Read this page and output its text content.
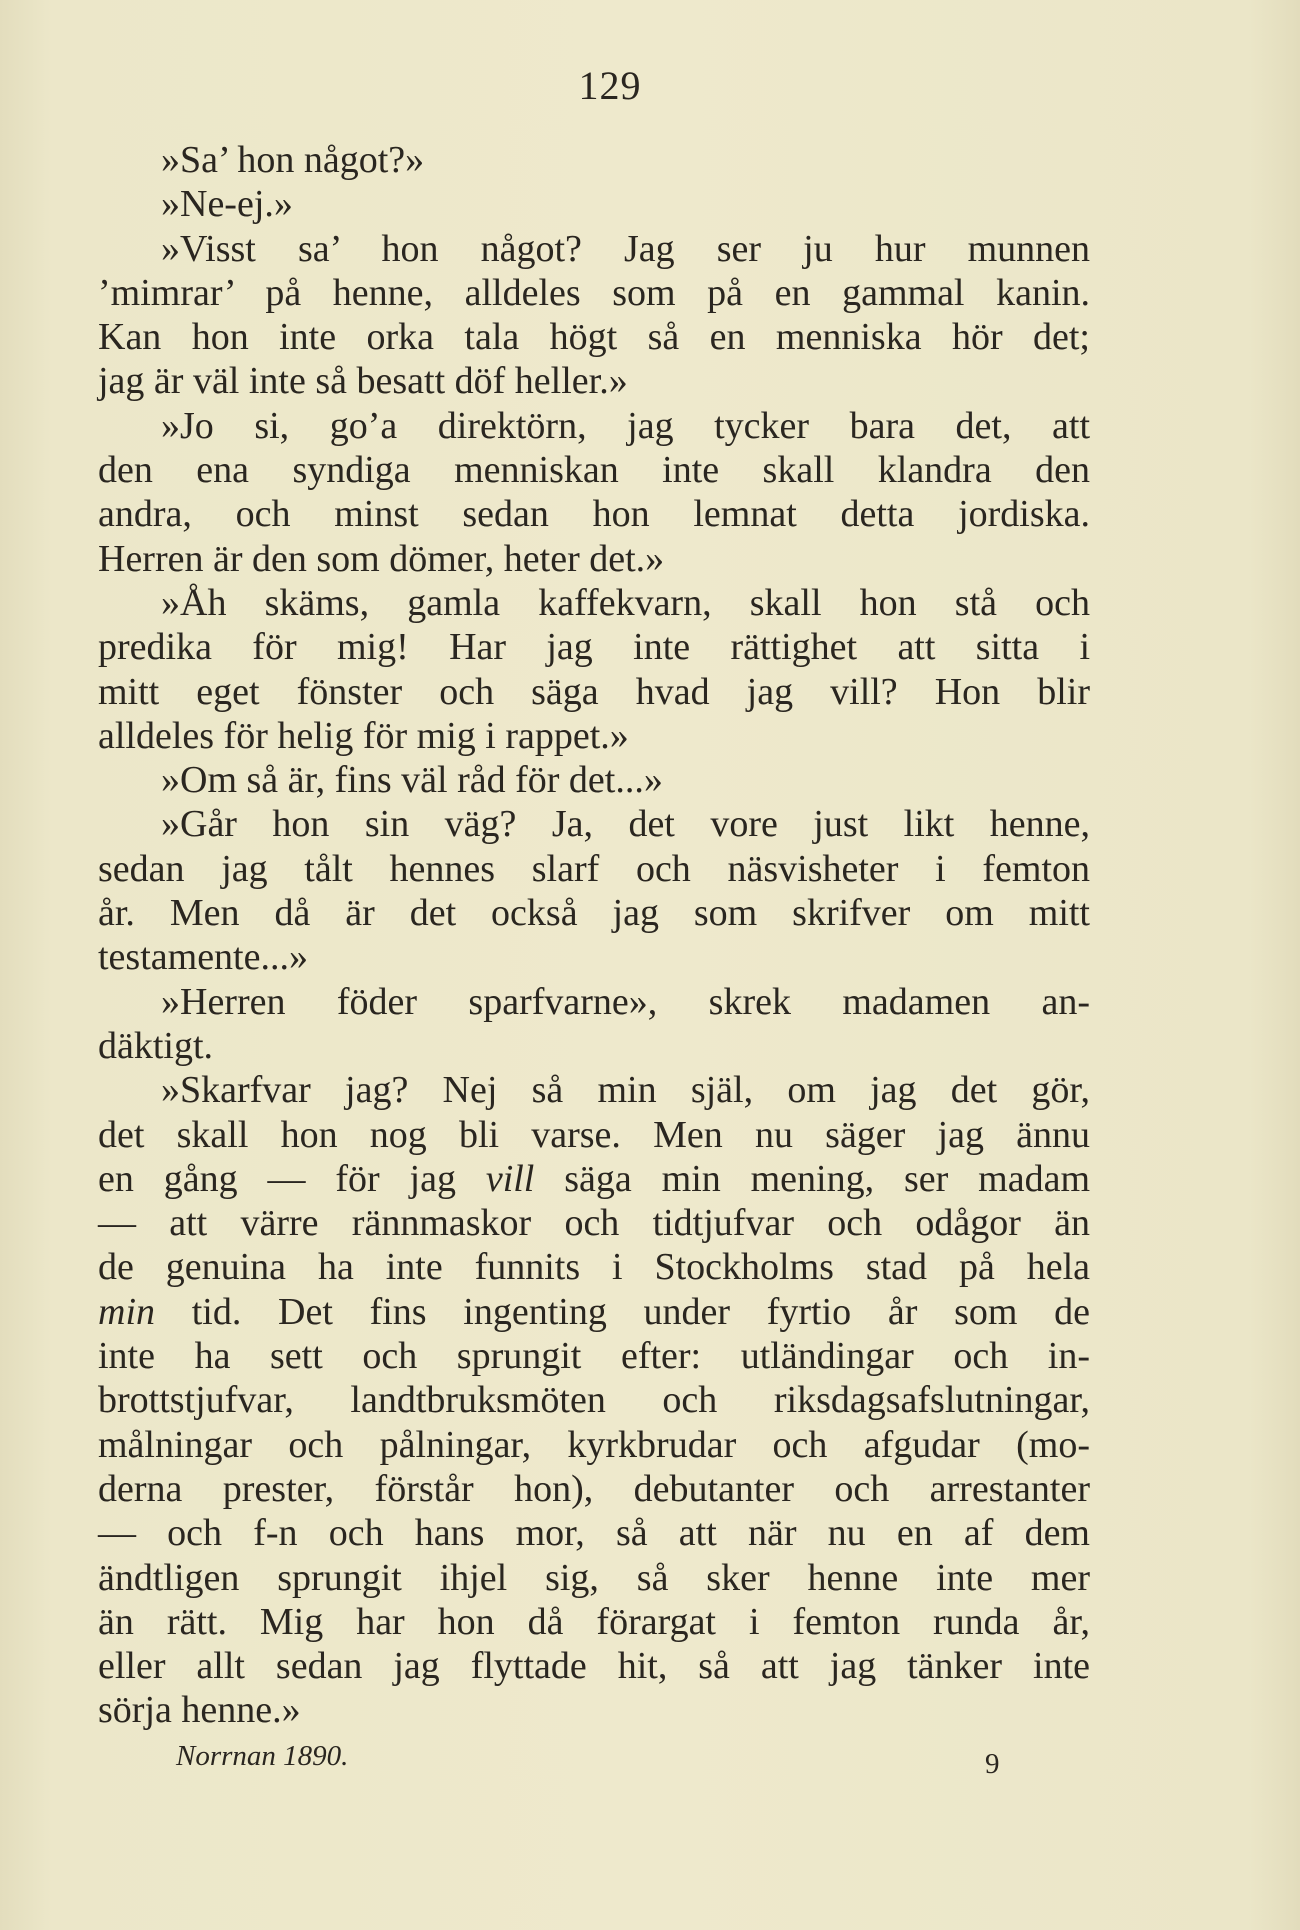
129
»Sa’ hon något?»
»Ne-ej.»
»Visst sa’ hon något? Jag ser ju hur munnen
’mimrar’ på henne, alldeles som på en gammal kanin.
Kan hon inte orka tala högt så en menniska hör det;
jag är väl inte så besatt döf heller.»
»Jo si, go’a direktörn, jag tycker bara det, att
den ena syndiga menniskan inte skall klandra den
andra, och minst sedan hon lemnat detta jordiska.
Herren är den som dömer, heter det.»
»Åh skäms, gamla kaffekvarn, skall hon stå och
predika för mig! Har jag inte rättighet att sitta i
mitt eget fönster och säga hvad jag vill? Hon blir
alldeles för helig för mig i rappet.»
»Om så är, fins väl råd för det...»
»Går hon sin väg? Ja, det vore just likt henne,
sedan jag tålt hennes slarf och näsvisheter i femton
år. Men då är det också jag som skrifver om mitt
testamente...»
»Herren föder sparfvarne», skrek madamen an-
däktigt.
»Skarfvar jag? Nej så min själ, om jag det gör,
det skall hon nog bli varse. Men nu säger jag ännu
en gång — för jag vill säga min mening, ser madam
— att värre rännmaskor och tidtjufvar och odågor än
de genuina ha inte funnits i Stockholms stad på hela
min tid. Det fins ingenting under fyrtio år som de
inte ha sett och sprungit efter: utländingar och in-
brottstjufvar, landtbruksmöten och riksdagsafslutningar,
målningar och pålningar, kyrkbrudar och afgudar (mo-
derna prester, förstår hon), debutanter och arrestanter
— och f-n och hans mor, så att när nu en af dem
ändtligen sprungit ihjel sig, så sker henne inte mer
än rätt. Mig har hon då förargat i femton runda år,
eller allt sedan jag flyttade hit, så att jag tänker inte
sörja henne.»
Norrnan 1890.	9
